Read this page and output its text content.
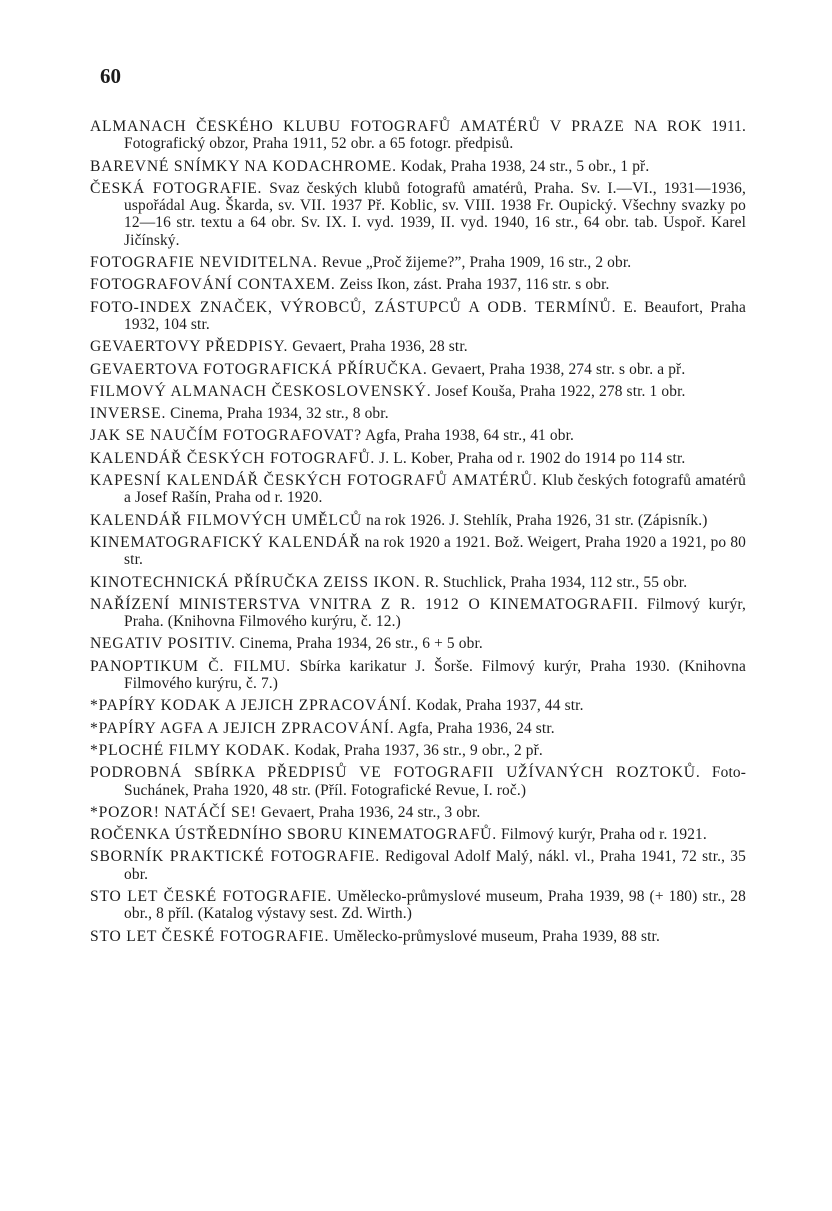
60

ALMANACH ČESKÉHO KLUBU FOTOGRAFŮ AMATÉRŮ V PRAZE NA ROK 1911. Fotografický obzor, Praha 1911, 52 obr. a 65 fotogr. předpisů.

BAREVNÉ SNÍMKY NA KODACHROME. Kodak, Praha 1938, 24 str., 5 obr., 1 př.

ČESKÁ FOTOGRAFIE. Svaz českých klubů fotografů amatérů, Praha. Sv. I.—VI., 1931—1936, uspořádal Aug. Škarda, sv. VII. 1937 Př. Koblic, sv. VIII. 1938 Fr. Oupický. Všechny svazky po 12—16 str. textu a 64 obr. Sv. IX. I. vyd. 1939, II. vyd. 1940, 16 str., 64 obr. tab. Uspoř. Karel Jičínský.

FOTOGRAFIE NEVIDITELNA. Revue „Proč žijeme?”, Praha 1909, 16 str., 2 obr.

FOTOGRAFOVÁNÍ CONTAXEM. Zeiss Ikon, zást. Praha 1937, 116 str. s obr.

FOTO-INDEX ZNAČEK, VÝROBCŮ, ZÁSTUPCŮ A ODB. TERMÍNŮ. E. Beaufort, Praha 1932, 104 str.

GEVAERTOVY PŘEDPISY. Gevaert, Praha 1936, 28 str.

GEVAERTOVA FOTOGRAFICKÁ PŘÍRUČKA. Gevaert, Praha 1938, 274 str. s obr. a př.

FILMOVÝ ALMANACH ČESKOSLOVENSKÝ. Josef Kouša, Praha 1922, 278 str. 1 obr.

INVERSE. Cinema, Praha 1934, 32 str., 8 obr.

JAK SE NAUČÍM FOTOGRAFOVAT? Agfa, Praha 1938, 64 str., 41 obr.

KALENDÁŘ ČESKÝCH FOTOGRAFŮ. J. L. Kober, Praha od r. 1902 do 1914 po 114 str.

KAPESNÍ KALENDÁŘ ČESKÝCH FOTOGRAFŮ AMATÉRŮ. Klub českých fotografů amatérů a Josef Rašín, Praha od r. 1920.

KALENDÁŘ FILMOVÝCH UMĚLCŮ na rok 1926. J. Stehlík, Praha 1926, 31 str. (Zápisník.)

KINEMATOGRAFICKÝ KALENDÁŘ na rok 1920 a 1921. Bož. Weigert, Praha 1920 a 1921, po 80 str.

KINOTECHNICKÁ PŘÍRUČKA ZEISS IKON. R. Stuchlick, Praha 1934, 112 str., 55 obr.

NAŘÍZENÍ MINISTERSTVA VNITRA Z R. 1912 O KINEMATOGRAFII. Filmový kurýr, Praha. (Knihovna Filmového kurýru, č. 12.)

NEGATIV POSITIV. Cinema, Praha 1934, 26 str., 6 + 5 obr.

PANOPTIKUM Č. FILMU. Sbírka karikatur J. Šorše. Filmový kurýr, Praha 1930. (Knihovna Filmového kurýru, č. 7.)

*PAPÍRY KODAK A JEJICH ZPRACOVÁNÍ. Kodak, Praha 1937, 44 str.

*PAPÍRY AGFA A JEJICH ZPRACOVÁNÍ. Agfa, Praha 1936, 24 str.

*PLOCHÉ FILMY KODAK. Kodak, Praha 1937, 36 str., 9 obr., 2 př.

PODROBNÁ SBÍRKA PŘEDPISŮ VE FOTOGRAFII UŽÍVANÝCH ROZTOKŮ. Foto-Suchánek, Praha 1920, 48 str. (Příl. Fotografické Revue, I. roč.)

*POZOR! NATÁČÍ SE! Gevaert, Praha 1936, 24 str., 3 obr.

ROČENKA ÚSTŘEDNÍHO SBORU KINEMATOGRAFŮ. Filmový kurýr, Praha od r. 1921.

SBORNÍK PRAKTICKÉ FOTOGRAFIE. Redigoval Adolf Malý, nákl. vl., Praha 1941, 72 str., 35 obr.

STO LET ČESKÉ FOTOGRAFIE. Umělecko-průmyslové museum, Praha 1939, 98 (+ 180) str., 28 obr., 8 příl. (Katalog výstavy sest. Zd. Wirth.)

STO LET ČESKÉ FOTOGRAFIE. Umělecko-průmyslové museum, Praha 1939, 88 str.
